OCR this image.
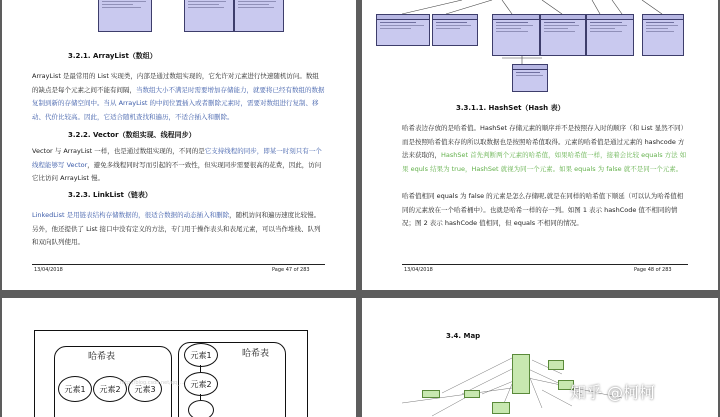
3.2.1. ArrayList（数组）
ArrayList 是最常用的 List 实现类，内部是通过数组实现的，它允许对元素进行快速随机访问。数组的缺点是每个元素之间不能有间隔，当数组大小不满足时需要增加存储能力，就要将已经有数组的数据复制到新的存储空间中。当从 ArrayList 的中间位置插入或者删除元素时，需要对数组进行复制、移动、代价比较高。因此，它适合随机查找和遍历，不适合插入和删除。
3.2.2. Vector（数组实现、线程同步）
Vector 与 ArrayList 一样，也是通过数组实现的，不同的是它支持线程的同步，即某一时刻只有一个线程能够写 Vector，避免多线程同时写而引起的不一致性，但实现同步需要很高的花费，因此，访问它比访问 ArrayList 慢。
3.2.3. LinkList（链表）
LinkedList 是用链表结构存储数据的，很适合数据的动态插入和删除，随机访问和遍历速度比较慢。另外，他还提供了 List 接口中没有定义的方法，专门用于操作表头和表尾元素，可以当作堆栈、队列和双向队列使用。
13/04/2018	Page 47 of 283
3.3.1.1. HashSet（Hash 表）
哈希表边存放的是哈希值。HashSet 存储元素的顺序并不是按照存入时的顺序（和 List 显然不同）而是按照哈希值来存的所以取数据也是按照哈希值取得。元素的哈希值是通过元素的 hashcode 方法来获取的，HashSet 首先判断两个元素的哈希值，如果哈希值一样，接着会比较 equals 方法 如果 equls 结果为 true，HashSet 就视为同一个元素。如果 equals 为 false 就不是同一个元素。
哈希值相同 equals 为 false 的元素是怎么存储呢,就是在同样的哈希值下顺延（可以认为哈希值相同的元素放在一个哈希桶中）。也就是哈希一样的存一列。如图 1 表示 hashCode 值不相同的情况；图 2 表示 hashCode 值相同，但 equals 不相同的情况。
13/04/2018	Page 48 of 283
哈希表
元素1	元素2	元素3
哈希表
元素1
元素2
http://blog.csdn.net/qq_...
3.4. Map
知乎 @柯柯
